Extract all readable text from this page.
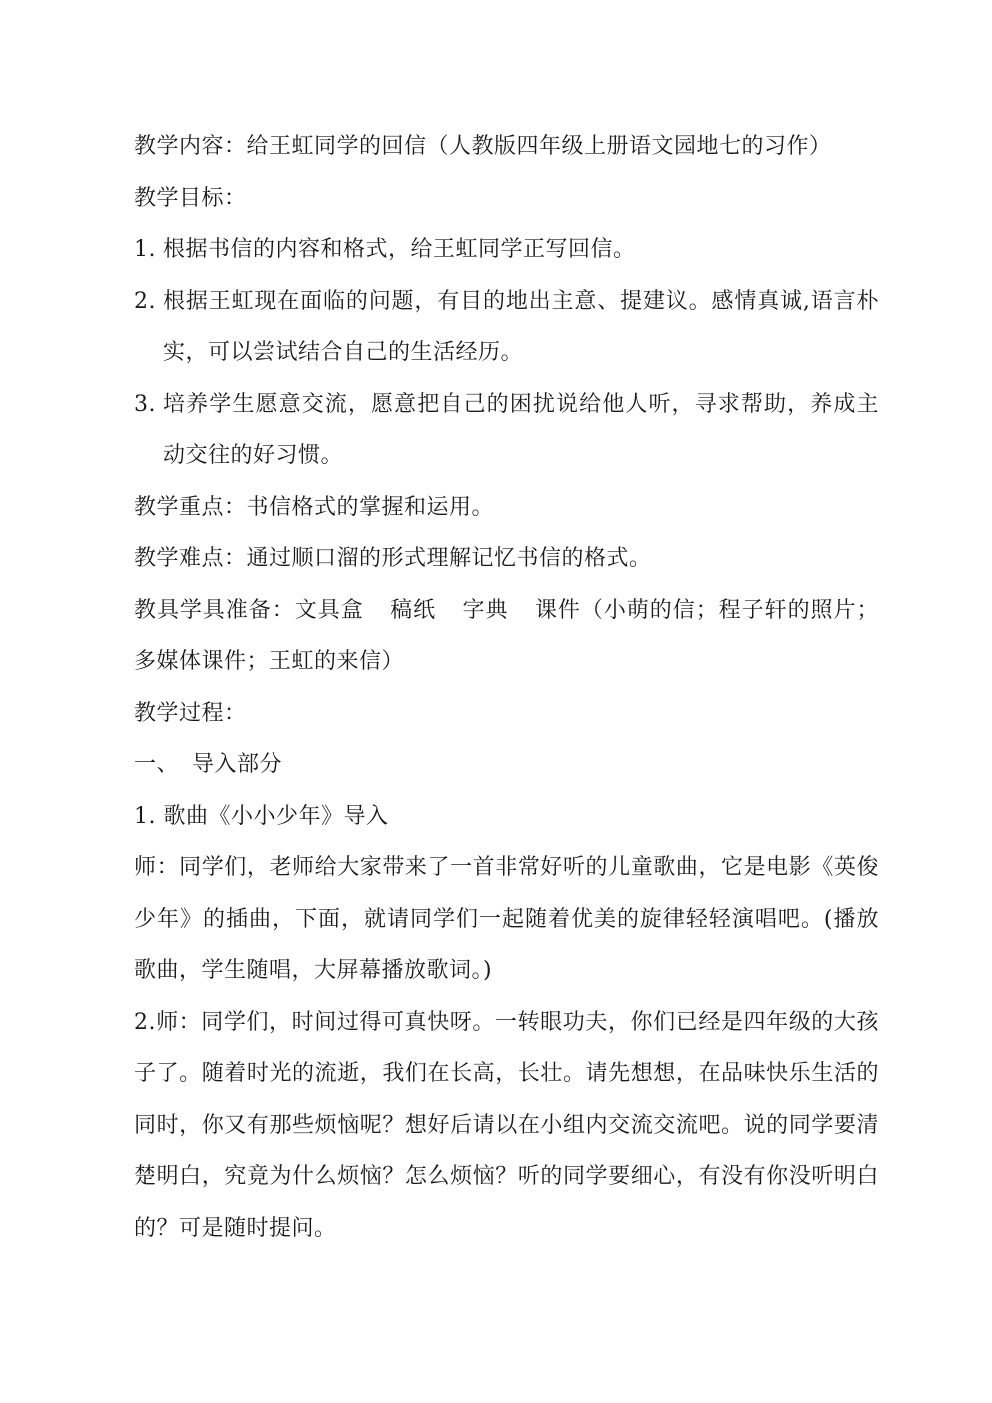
教学内容：给王虹同学的回信（人教版四年级上册语文园地七的习作）

教学目标：

1. 根据书信的内容和格式，给王虹同学正写回信。
2. 根据王虹现在面临的问题，有目的地出主意、提建议。感情真诚,语言朴实，可以尝试结合自己的生活经历。
3. 培养学生愿意交流，愿意把自己的困扰说给他人听，寻求帮助，养成主动交往的好习惯。

教学重点：书信格式的掌握和运用。

教学难点：通过顺口溜的形式理解记忆书信的格式。

教具学具准备：文具盒 稿纸 字典 课件（小萌的信；程子轩的照片；多媒体课件；王虹的来信）

教学过程：

一、 导入部分

1. 歌曲《小小少年》导入

师：同学们，老师给大家带来了一首非常好听的儿童歌曲，它是电影《英俊少年》的插曲，下面，就请同学们一起随着优美的旋律轻轻演唱吧。(播放歌曲，学生随唱，大屏幕播放歌词。)

2.师：同学们，时间过得可真快呀。一转眼功夫，你们已经是四年级的大孩子了。随着时光的流逝，我们在长高，长壮。请先想想，在品味快乐生活的同时，你又有那些烦恼呢？想好后请以在小组内交流交流吧。说的同学要清楚明白，究竟为什么烦恼？怎么烦恼？听的同学要细心，有没有你没听明白的？可是随时提问。
